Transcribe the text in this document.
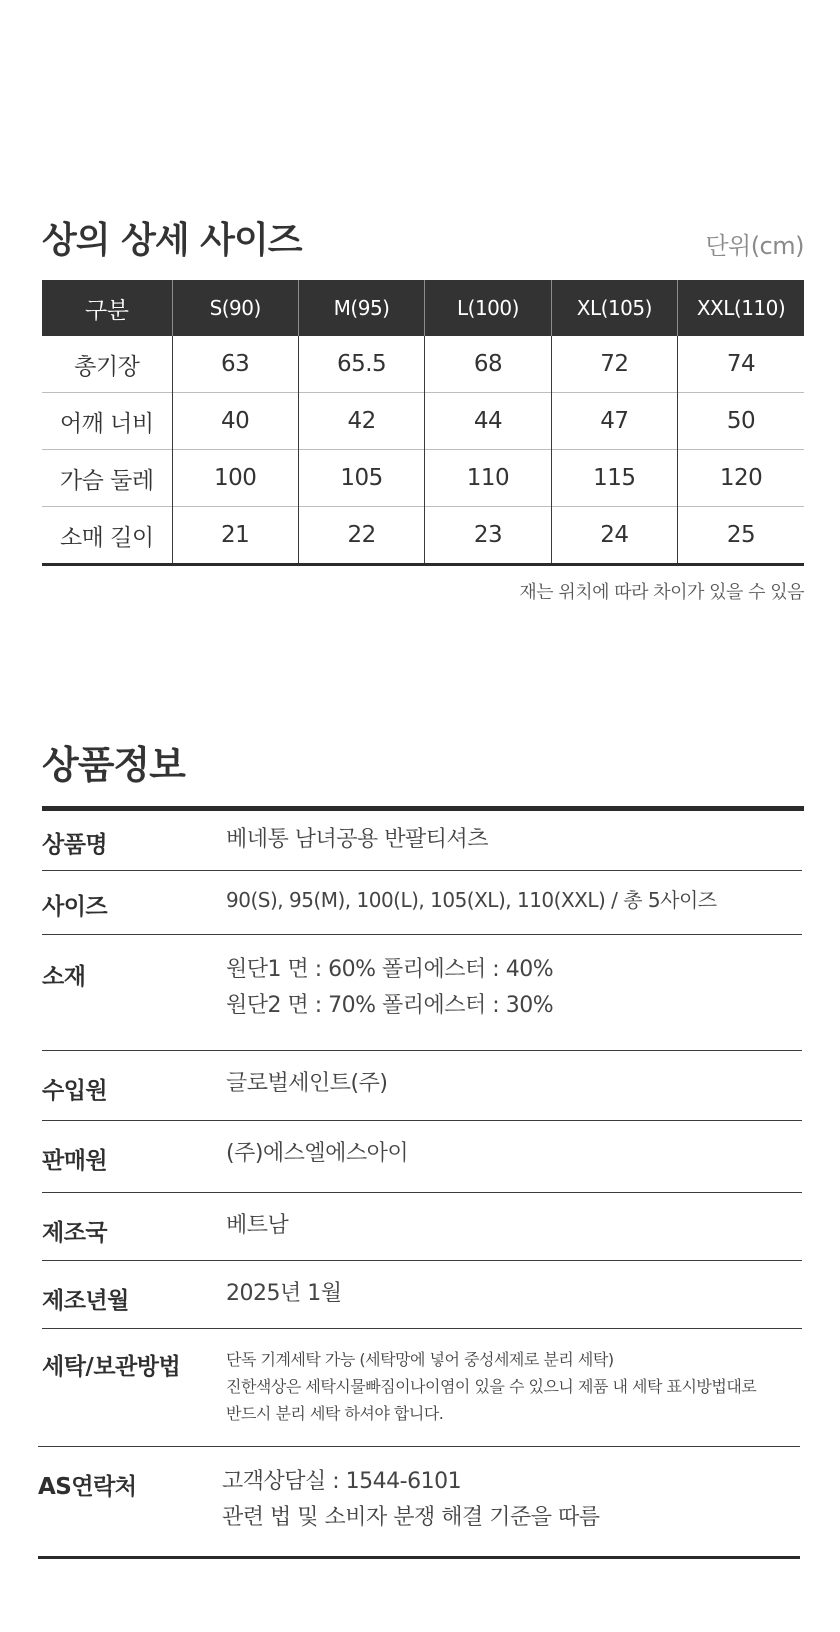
상의 상세 사이즈	단위(cm)
구분	S(90)	M(95)	L(100)	XL(105)	XXL(110)
총기장	63	65.5	68	72	74
어깨 너비	40	42	44	47	50
가슴 둘레	100	105	110	115	120
소매 길이	21	22	23	24	25
재는 위치에 따라 차이가 있을 수 있음
상품정보
상품명	베네통 남녀공용 반팔티셔츠
사이즈	90(S), 95(M), 100(L), 105(XL), 110(XXL) / 총 5사이즈
소재	원단1 면 : 60% 폴리에스터 : 40%
원단2 면 : 70% 폴리에스터 : 30%
수입원	글로벌세인트(주)
판매원	(주)에스엘에스아이
제조국	베트남
제조년월	2025년 1월
세탁/보관방법	단독 기계세탁 가능 (세탁망에 넣어 중성세제로 분리 세탁)
진한색상은 세탁시물빠짐이나이염이 있을 수 있으니 제품 내 세탁 표시방법대로
반드시 분리 세탁 하셔야 합니다.
AS연락처	고객상담실 : 1544-6101
관련 법 및 소비자 분쟁 해결 기준을 따름
